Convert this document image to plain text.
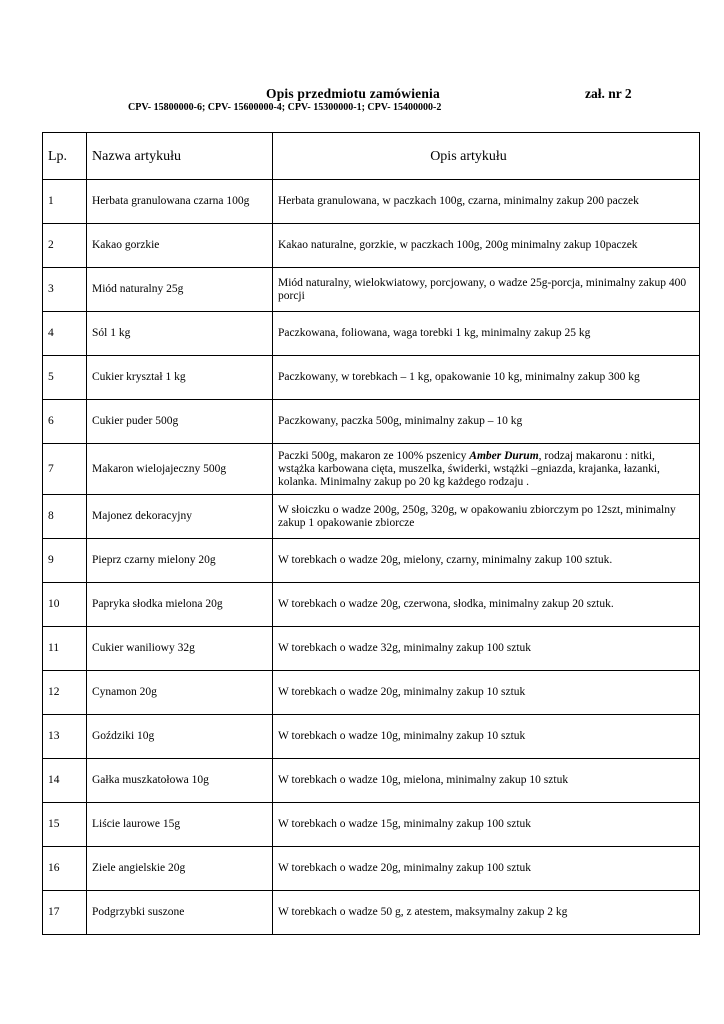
Opis przedmiotu zamówienia	zał. nr 2
CPV- 15800000-6; CPV- 15600000-4; CPV- 15300000-1; CPV- 15400000-2
Lp.	Nazwa artykułu	Opis artykułu
1	Herbata granulowana czarna 100g	Herbata granulowana, w paczkach 100g, czarna, minimalny zakup 200 paczek
2	Kakao gorzkie	Kakao naturalne, gorzkie, w paczkach 100g, 200g minimalny zakup 10paczek
3	Miód naturalny 25g	Miód naturalny, wielokwiatowy, porcjowany, o wadze 25g-porcja, minimalny zakup 400 porcji
4	Sól 1 kg	Paczkowana, foliowana, waga torebki 1 kg, minimalny zakup 25 kg
5	Cukier kryształ 1 kg	Paczkowany, w torebkach – 1 kg, opakowanie 10 kg, minimalny zakup 300 kg
6	Cukier puder 500g	Paczkowany, paczka 500g, minimalny zakup – 10 kg
7	Makaron wielojajeczny 500g	Paczki 500g, makaron ze 100% pszenicy Amber Durum, rodzaj makaronu : nitki, wstążka karbowana cięta, muszelka, świderki, wstążki –gniazda, krajanka, łazanki, kolanka. Minimalny zakup po 20 kg każdego rodzaju .
8	Majonez dekoracyjny	W słoiczku o wadze 200g, 250g, 320g, w opakowaniu zbiorczym po 12szt, minimalny zakup 1 opakowanie zbiorcze
9	Pieprz czarny mielony 20g	W torebkach o wadze 20g, mielony, czarny, minimalny zakup 100 sztuk.
10	Papryka słodka mielona 20g	W torebkach o wadze 20g, czerwona, słodka, minimalny zakup 20 sztuk.
11	Cukier waniliowy 32g	W torebkach o wadze 32g, minimalny zakup 100 sztuk
12	Cynamon 20g	W torebkach o wadze 20g, minimalny zakup 10 sztuk
13	Goździki 10g	W torebkach o wadze 10g, minimalny zakup 10 sztuk
14	Gałka muszkatołowa 10g	W torebkach o wadze 10g, mielona, minimalny zakup 10 sztuk
15	Liście laurowe 15g	W torebkach o wadze 15g, minimalny zakup 100 sztuk
16	Ziele angielskie 20g	W torebkach o wadze 20g, minimalny zakup 100 sztuk
17	Podgrzybki suszone	W torebkach o wadze 50 g, z atestem, maksymalny zakup 2 kg
